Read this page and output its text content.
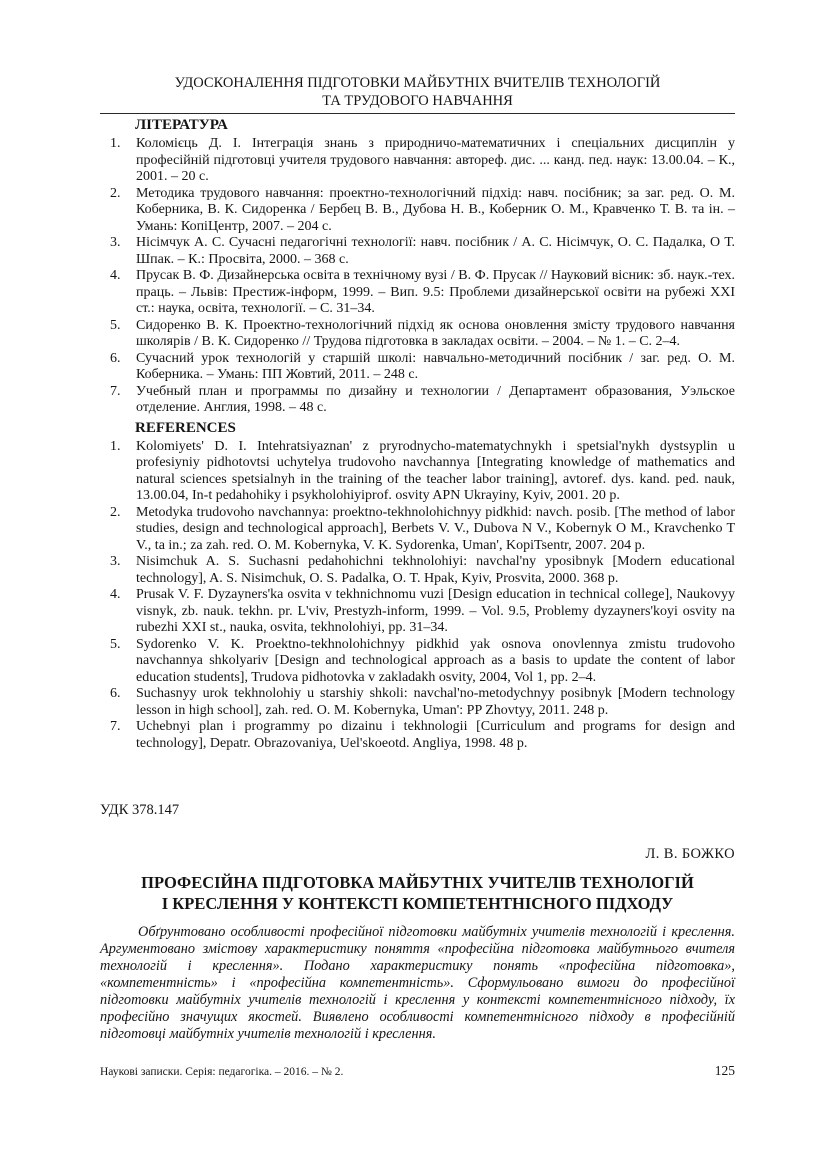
УДОСКОНАЛЕННЯ ПІДГОТОВКИ МАЙБУТНІХ ВЧИТЕЛІВ ТЕХНОЛОГІЙ
ТА ТРУДОВОГО НАВЧАННЯ
ЛІТЕРАТУРА
1. Коломієць Д. І. Інтеграція знань з природничо-математичних і спеціальних дисциплін у професійній підготовці учителя трудового навчання: автореф. дис. ... канд. пед. наук: 13.00.04. – К., 2001. – 20 с.
2. Методика трудового навчання: проектно-технологічний підхід: навч. посібник; за заг. ред. О. М. Коберника, В. К. Сидоренка / Бербец В. В., Дубова Н. В., Коберник О. М., Кравченко Т. В. та ін. – Умань: КопіЦентр, 2007. – 204 с.
3. Нісімчук А. С. Сучасні педагогічні технології: навч. посібник / А. С. Нісімчук, О. С. Падалка, О Т. Шпак. – К.: Просвіта, 2000. – 368 с.
4. Прусак В. Ф. Дизайнерська освіта в технічному вузі / В. Ф. Прусак // Науковий вісник: зб. наук.-тех. праць. – Львів: Престиж-інформ, 1999. – Вип. 9.5: Проблеми дизайнерської освіти на рубежі XXI ст.: наука, освіта, технології. – С. 31–34.
5. Сидоренко В. К. Проектно-технологічний підхід як основа оновлення змісту трудового навчання школярів / В. К. Сидоренко // Трудова підготовка в закладах освіти. – 2004. – № 1. – С. 2–4.
6. Сучасний урок технологій у старшій школі: навчально-методичний посібник / заг. ред. О. М. Коберника. – Умань: ПП Жовтий, 2011. – 248 с.
7. Учебный план и программы по дизайну и технологии / Департамент образования, Уэльское отделение. Англия, 1998. – 48 с.
REFERENCES
1. Kolomiyets' D. I. Intehratsiyaznan' z pryrodnycho-matematychnykh i spetsial'nykh dystsyplin u profesiyniy pidhotovtsi uchytelya trudovoho navchannya [Integrating knowledge of mathematics and natural sciences spetsialnyh in the training of the teacher labor training], avtoref. dys. kand. ped. nauk, 13.00.04, In-t pedahohiky i psykholohiyiprof. osvity APN Ukrayiny, Kyiv, 2001. 20 p.
2. Metodyka trudovoho navchannya: proektno-tekhnolohichnyy pidkhid: navch. posib. [The method of labor studies, design and technological approach], Berbets V. V., Dubova N V., Kobernyk O M., Kravchenko T V., ta in.; za zah. red. O. M. Kobernyka, V. K. Sydorenka, Uman', KopiTsentr, 2007. 204 p.
3. Nisimchuk A. S. Suchasni pedahohichni tekhnolohiyi: navchal'ny yposibnyk [Modern educational technology], A. S. Nisimchuk, O. S. Padalka, O. T. Hpak, Kyiv, Prosvita, 2000. 368 p.
4. Prusak V. F. Dyzayners'ka osvita v tekhnichnomu vuzi [Design education in technical college], Naukovyy visnyk, zb. nauk. tekhn. pr. L'viv, Prestyzh-inform, 1999. – Vol. 9.5, Problemy dyzayners'koyi osvity na rubezhi XXI st., nauka, osvita, tekhnolohiyi, pp. 31–34.
5. Sydorenko V. K. Proektno-tekhnolohichnyy pidkhid yak osnova onovlennya zmistu trudovoho navchannya shkolyariv [Design and technological approach as a basis to update the content of labor education students], Trudova pidhotovka v zakladakh osvity, 2004, Vol 1, pp. 2–4.
6. Suchasnyy urok tekhnolohiy u starshiy shkoli: navchal'no-metodychnyy posibnyk [Modern technology lesson in high school], zah. red. O. M. Kobernyka, Uman': PP Zhovtyy, 2011. 248 p.
7. Uchebnyi plan i programmy po dizainu i tekhnologii [Curriculum and programs for design and technology], Depatr. Obrazovaniya, Uel'skoeotd. Angliya, 1998. 48 p.
УДК 378.147
Л. В. БОЖКО
ПРОФЕСІЙНА ПІДГОТОВКА МАЙБУТНІХ УЧИТЕЛІВ ТЕХНОЛОГІЙ
І КРЕСЛЕННЯ У КОНТЕКСТІ КОМПЕТЕНТНІСНОГО ПІДХОДУ
Обґрунтовано особливості професійної підготовки майбутніх учителів технологій і креслення. Аргументовано змістову характеристику поняття «професійна підготовка майбутнього вчителя технологій і креслення». Подано характеристику понять «професійна підготовка», «компетентність» і «професійна компетентність». Сформульовано вимоги до професійної підготовки майбутніх учителів технологій і креслення у контексті компетентнісного підходу, їх професійно значущих якостей. Виявлено особливості компетентнісного підходу в професійній підготовці майбутніх учителів технологій і креслення.
Наукові записки. Серія: педагогіка. – 2016. – № 2.	125
